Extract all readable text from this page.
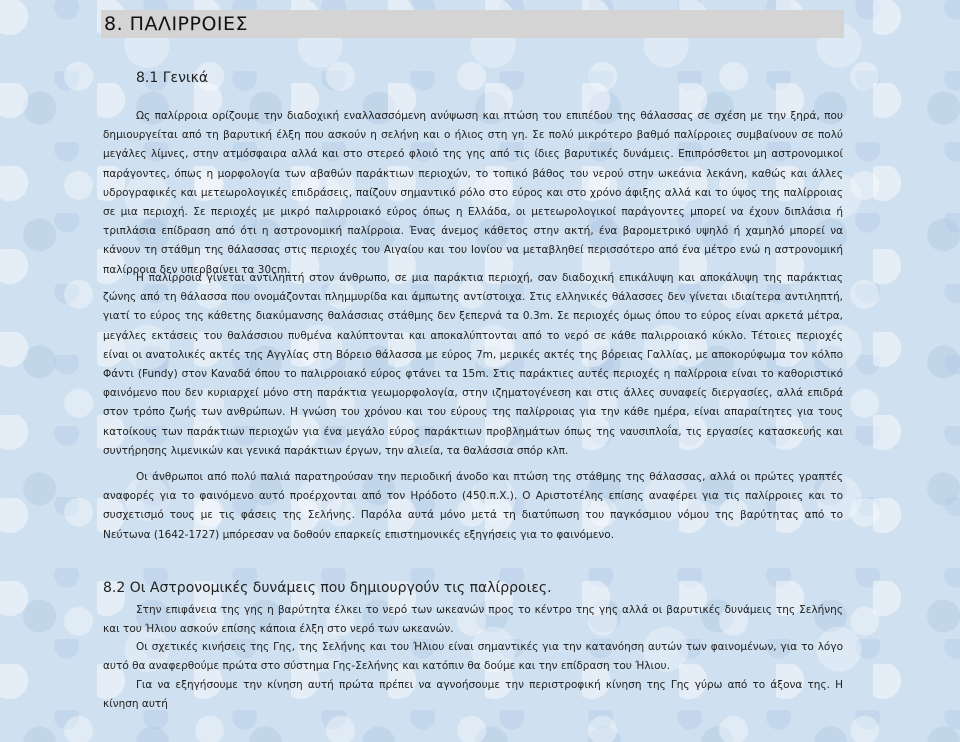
8. ΠΑΛΙΡΡΟΙΕΣ
8.1 Γενικά

Ως παλίρροια ορίζουμε την διαδοχική εναλλασσόμενη ανύψωση και πτώση του επιπέδου της θάλασσας σε σχέση με την ξηρά, που δημιουργείται από τη βαρυτική έλξη που ασκούν η σελήνη και ο ήλιος στη γη. Σε πολύ μικρότερο βαθμό παλίρροιες συμβαίνουν σε πολύ μεγάλες λίμνες, στην ατμόσφαιρα αλλά και στο στερεό φλοιό της γης από τις ίδιες βαρυτικές δυνάμεις. Επιπρόσθετοι μη αστρονομικοί παράγοντες, όπως η μορφολογία των αβαθών παράκτιων περιοχών, το τοπικό βάθος του νερού στην ωκεάνια λεκάνη, καθώς και άλλες υδρογραφικές και μετεωρολογικές επιδράσεις, παίζουν σημαντικό ρόλο στο εύρος και στο χρόνο άφιξης αλλά και το ύψος της παλίρροιας σε μια περιοχή. Σε περιοχές με μικρό παλιρροιακό εύρος όπως η Ελλάδα, οι μετεωρολογικοί παράγοντες μπορεί να έχουν διπλάσια ή τριπλάσια επίδραση από ότι η αστρονομική παλίρροια. Ένας άνεμος κάθετος στην ακτή, ένα βαρομετρικό υψηλό ή χαμηλό μπορεί να κάνουν τη στάθμη της θάλασσας στις περιοχές του Αιγαίου και του Ιονίου να μεταβληθεί περισσότερο από ένα μέτρο ενώ η αστρονομική παλίρροια δεν υπερβαίνει τα 30cm.

Η παλίρροια γίνεται αντιληπτή στον άνθρωπο, σε μια παράκτια περιοχή, σαν διαδοχική επικάλυψη και αποκάλυψη της παράκτιας ζώνης από τη θάλασσα που ονομάζονται πλημμυρίδα και άμπωτης αντίστοιχα. Στις ελληνικές θάλασσες δεν γίνεται ιδιαίτερα αντιληπτή, γιατί το εύρος της κάθετης διακύμανσης θαλάσσιας στάθμης δεν ξεπερνά τα 0.3m. Σε περιοχές όμως όπου το εύρος είναι αρκετά μέτρα, μεγάλες εκτάσεις του θαλάσσιου πυθμένα καλύπτονται και αποκαλύπτονται από το νερό σε κάθε παλιρροιακό κύκλο. Τέτοιες περιοχές είναι οι ανατολικές ακτές της Αγγλίας στη Βόρειο θάλασσα με εύρος 7m, μερικές ακτές της βόρειας Γαλλίας, με αποκορύφωμα τον κόλπο Φάντι (Fundy) στον Καναδά όπου το παλιρροιακό εύρος φτάνει τα 15m. Στις παράκτιες αυτές περιοχές η παλίρροια είναι το καθοριστικό φαινόμενο που δεν κυριαρχεί μόνο στη παράκτια γεωμορφολογία, στην ιζηματογένεση και στις άλλες συναφείς διεργασίες, αλλά επιδρά στον τρόπο ζωής των ανθρώπων. Η γνώση του χρόνου και του εύρους της παλίρροιας για την κάθε ημέρα, είναι απαραίτητες για τους κατοίκους των παράκτιων περιοχών για ένα μεγάλο εύρος παράκτιων προβλημάτων όπως της ναυσιπλοΐα, τις εργασίες κατασκευής και συντήρησης λιμενικών και γενικά παράκτιων έργων, την αλιεία, τα θαλάσσια σπόρ κλπ.

Οι άνθρωποι από πολύ παλιά παρατηρούσαν την περιοδική άνοδο και πτώση της στάθμης της θάλασσας, αλλά οι πρώτες γραπτές αναφορές για το φαινόμενο αυτό προέρχονται από τον Ηρόδοτο (450.π.Χ.). Ο Αριστοτέλης επίσης αναφέρει για τις παλίρροιες και το συσχετισμό τους με τις φάσεις της Σελήνης. Παρόλα αυτά μόνο μετά τη διατύπωση του παγκόσμιου νόμου της βαρύτητας από το Νεύτωνα (1642-1727) μπόρεσαν να δοθούν επαρκείς επιστημονικές εξηγήσεις για το φαινόμενο.

8.2 Οι Αστρονομικές δυνάμεις που δημιουργούν τις παλίρροιες.

Στην επιφάνεια της γης η βαρύτητα έλκει το νερό των ωκεανών προς το κέντρο της γης αλλά οι βαρυτικές δυνάμεις της Σελήνης και του Ήλιου ασκούν επίσης κάποια έλξη στο νερό των ωκεανών.

Οι σχετικές κινήσεις της Γης, της Σελήνης και του Ήλιου είναι σημαντικές για την κατανόηση αυτών των φαινομένων, για το λόγο αυτό θα αναφερθούμε πρώτα στο σύστημα Γης-Σελήνης και κατόπιν θα δούμε και την επίδραση του Ήλιου.

Για να εξηγήσουμε την κίνηση αυτή πρώτα πρέπει να αγνοήσουμε την περιστροφική κίνηση της Γης γύρω από το άξονα της. Η κίνηση αυτή
